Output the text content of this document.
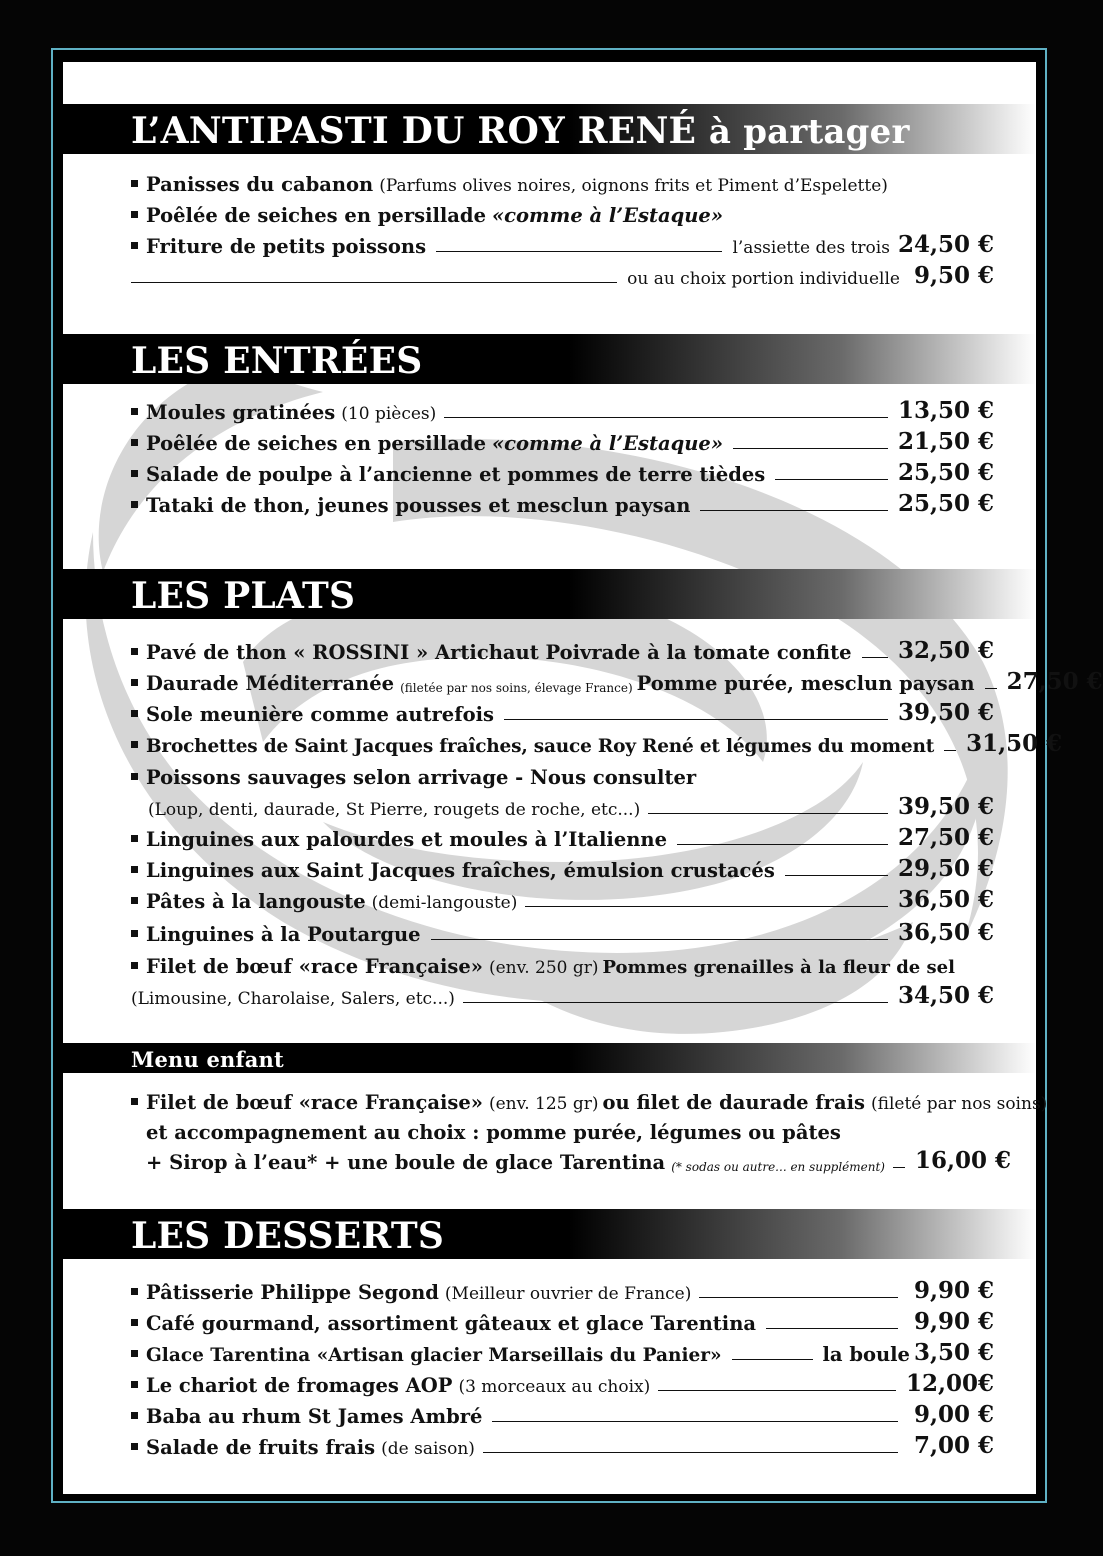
L’ANTIPASTI DU ROY RENÉ à partager
Panisses du cabanon (Parfums olives noires, oignons frits et Piment d’Espelette)
Poêlée de seiches en persillade «comme à l’Estaque»
Friture de petits poissons	l’assiette des trois 24,50 €
ou au choix portion individuelle 9,50 €
LES ENTRÉES
Moules gratinées (10 pièces)	13,50 €
Poêlée de seiches en persillade «comme à l’Estaque»	21,50 €
Salade de poulpe à l’ancienne et pommes de terre tièdes	25,50 €
Tataki de thon, jeunes pousses et mesclun paysan	25,50 €
LES PLATS
Pavé de thon « ROSSINI » Artichaut Poivrade à la tomate confite 32,50 €
Daurade Méditerranée (filetée par nos soins, élevage France) Pomme purée, mesclun paysan 27,50 €
Sole meunière comme autrefois	39,50 €
Brochettes de Saint Jacques fraîches, sauce Roy René et légumes du moment 31,50 €
Poissons sauvages selon arrivage - Nous consulter
(Loup, denti, daurade, St Pierre, rougets de roche, etc...)	39,50 €
Linguines aux palourdes et moules à l’Italienne	27,50 €
Linguines aux Saint Jacques fraîches, émulsion crustacés	29,50 €
Pâtes à la langouste (demi-langouste)	36,50 €
Linguines à la Poutargue	36,50 €
Filet de bœuf «race Française» (env. 250 gr) Pommes grenailles à la fleur de sel
(Limousine, Charolaise, Salers, etc...)	34,50 €
Menu enfant
Filet de bœuf «race Française» (env. 125 gr) ou filet de daurade frais (fileté par nos soins)
et accompagnement au choix : pomme purée, légumes ou pâtes
+ Sirop à l’eau* + une boule de glace Tarentina (* sodas ou autre... en supplément) 16,00 €
LES DESSERTS
Pâtisserie Philippe Segond (Meilleur ouvrier de France)	9,90 €
Café gourmand, assortiment gâteaux et glace Tarentina	9,90 €
Glace Tarentina «Artisan glacier Marseillais du Panier»	la boule 3,50 €
Le chariot de fromages AOP (3 morceaux au choix)	12,00€
Baba au rhum St James Ambré	9,00 €
Salade de fruits frais (de saison)	7,00 €
